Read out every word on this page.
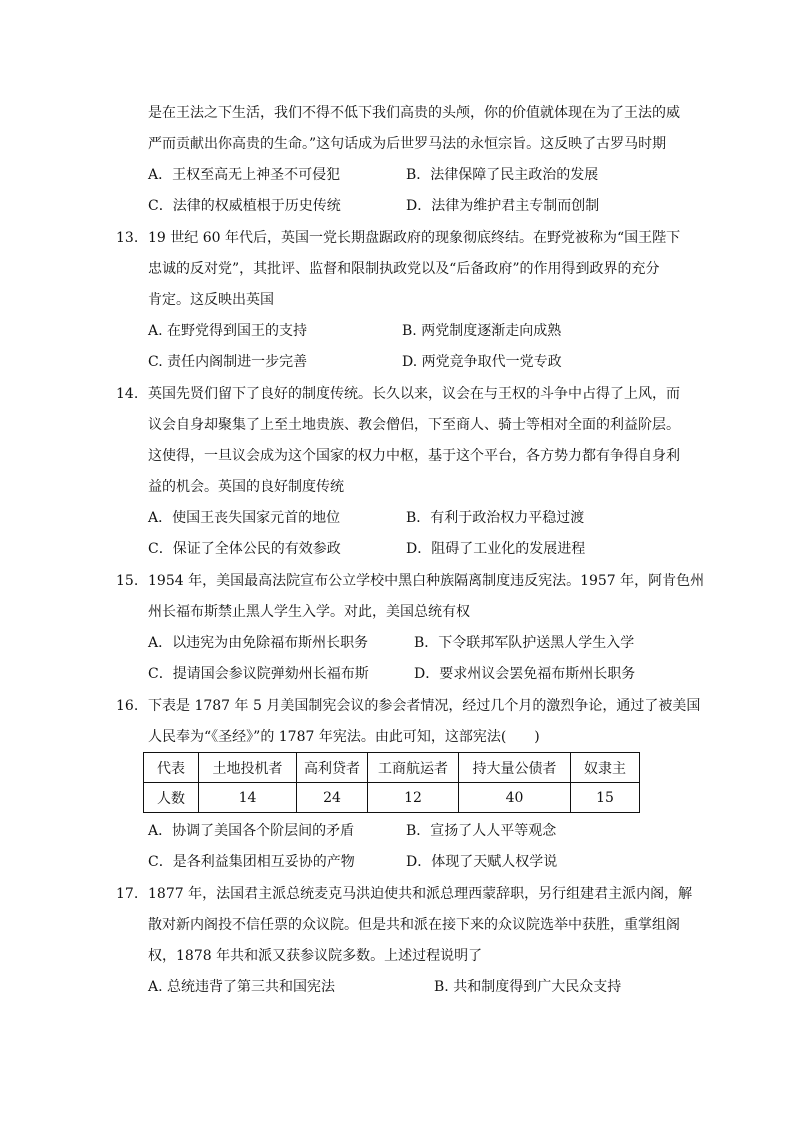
是在王法之下生活，我们不得不低下我们高贵的头颅，你的价值就体现在为了王法的威
严而贡献出你高贵的生命。”这句话成为后世罗马法的永恒宗旨。这反映了古罗马时期
A．王权至高无上神圣不可侵犯	B．法律保障了民主政治的发展
C．法律的权威植根于历史传统	D．法律为维护君主专制而创制
13. 19 世纪 60 年代后，英国一党长期盘踞政府的现象彻底终结。在野党被称为“国王陛下
忠诚的反对党”，其批评、监督和限制执政党以及“后备政府”的作用得到政界的充分
肯定。这反映出英国
A. 在野党得到国王的支持	B. 两党制度逐渐走向成熟
C. 责任内阁制进一步完善	D. 两党竞争取代一党专政
14. 英国先贤们留下了良好的制度传统。长久以来，议会在与王权的斗争中占得了上风，而
议会自身却聚集了上至土地贵族、教会僧侣，下至商人、骑士等相对全面的利益阶层。
这使得，一旦议会成为这个国家的权力中枢，基于这个平台，各方势力都有争得自身利
益的机会。英国的良好制度传统
A．使国王丧失国家元首的地位	B．有利于政治权力平稳过渡
C．保证了全体公民的有效参政	D．阻碍了工业化的发展进程
15. 1954 年，美国最高法院宣布公立学校中黑白种族隔离制度违反宪法。1957 年，阿肯色州
州长福布斯禁止黑人学生入学。对此，美国总统有权
A．以违宪为由免除福布斯州长职务	B．下令联邦军队护送黑人学生入学
C．提请国会参议院弹劾州长福布斯	D．要求州议会罢免福布斯州长职务
16. 下表是 1787 年 5 月美国制宪会议的参会者情况，经过几个月的激烈争论，通过了被美国
人民奉为“《圣经》”的 1787 年宪法。由此可知，这部宪法(　　)
代表	土地投机者	高利贷者	工商航运者	持大量公债者	奴隶主
人数	14	24	12	40	15
A．协调了美国各个阶层间的矛盾	B．宣扬了人人平等观念
C．是各利益集团相互妥协的产物	D．体现了天赋人权学说
17. 1877 年，法国君主派总统麦克马洪迫使共和派总理西蒙辞职，另行组建君主派内阁，解
散对新内阁投不信任票的众议院。但是共和派在接下来的众议院选举中获胜，重掌组阁
权，1878 年共和派又获参议院多数。上述过程说明了
A. 总统违背了第三共和国宪法	B. 共和制度得到广大民众支持
